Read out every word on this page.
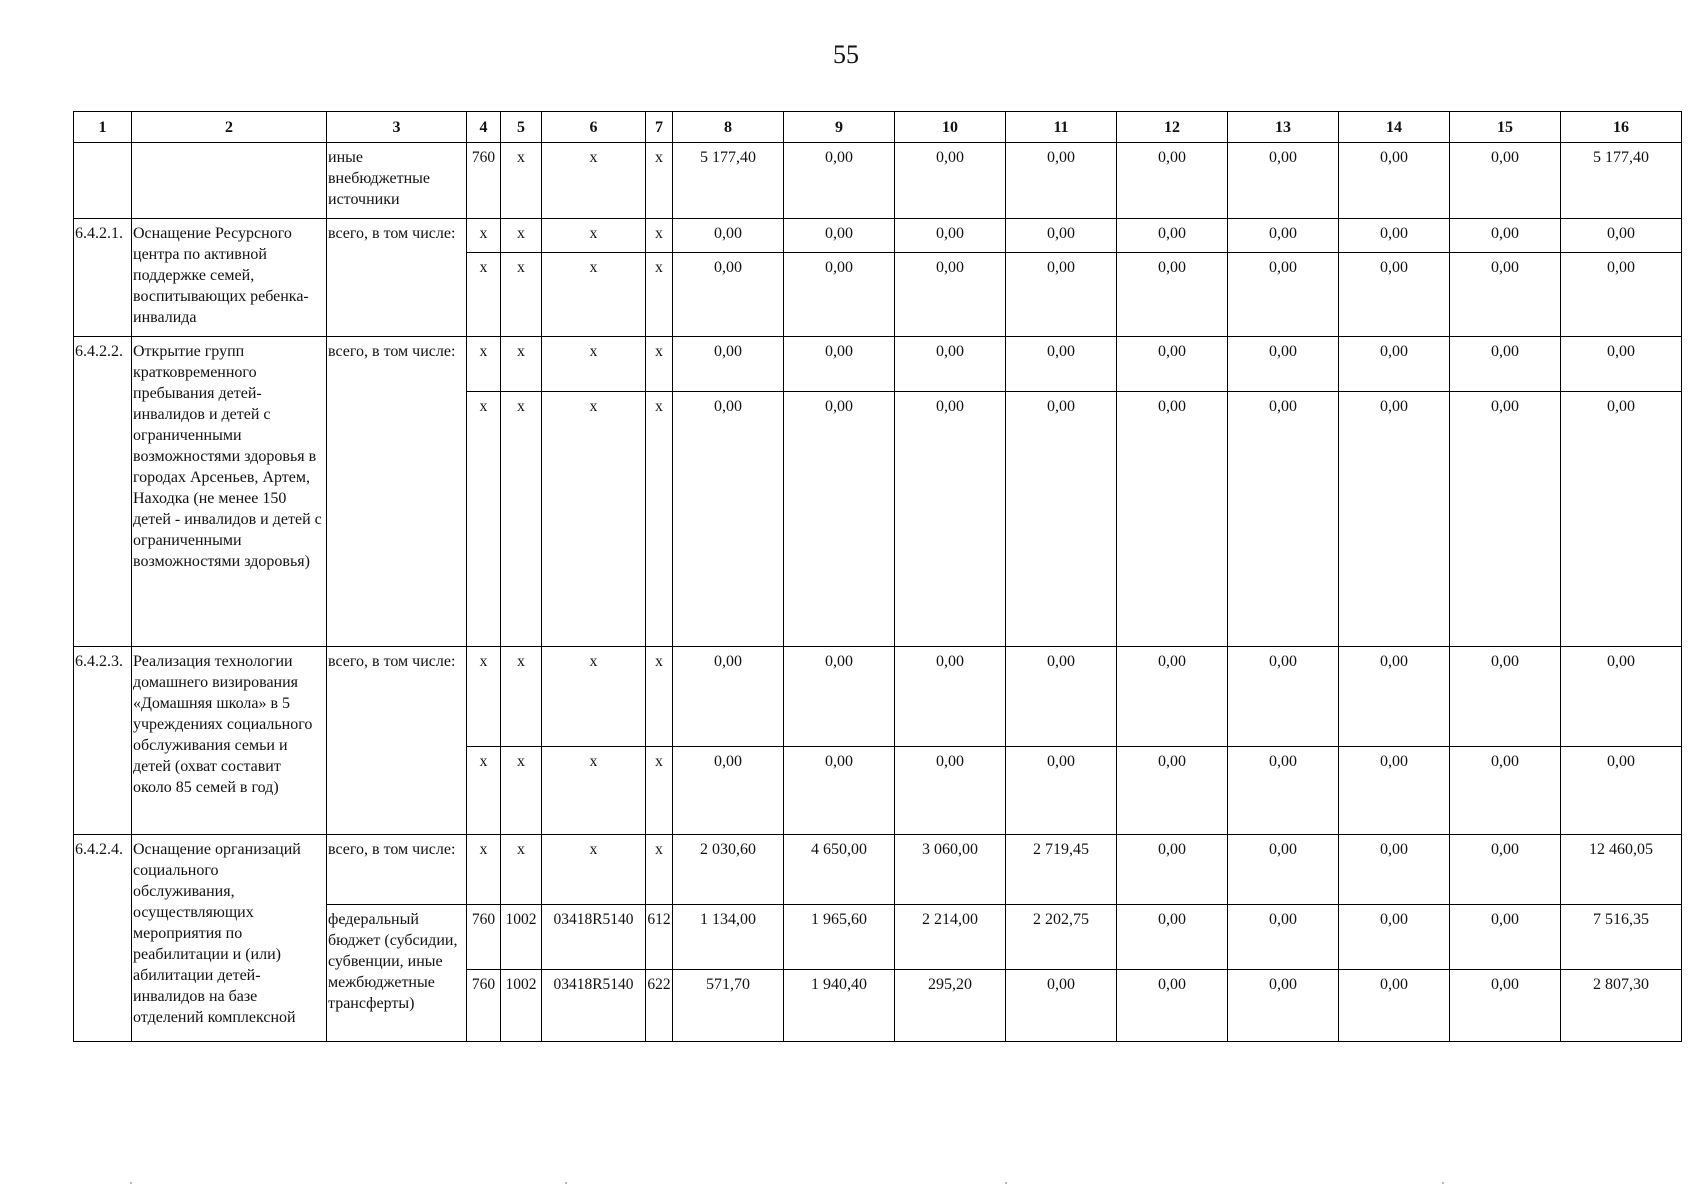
55
1	2	3	4	5	6	7	8	9	10	11	12	13	14	15	16
		иные внебюджетные источники	760	x	x	x	5 177,40	0,00	0,00	0,00	0,00	0,00	0,00	0,00	5 177,40
6.4.2.1.	Оснащение Ресурсного центра по активной поддержке семей, воспитывающих ребенка-инвалида	всего, в том числе:	x	x	x	x	0,00	0,00	0,00	0,00	0,00	0,00	0,00	0,00	0,00
			x	x	x	x	0,00	0,00	0,00	0,00	0,00	0,00	0,00	0,00	0,00
6.4.2.2.	Открытие групп кратковременного пребывания детей-инвалидов и детей с ограниченными возможностями здоровья в городах Арсеньев, Артем, Находка (не менее 150 детей - инвалидов и детей с ограниченными возможностями здоровья)	всего, в том числе:	x	x	x	x	0,00	0,00	0,00	0,00	0,00	0,00	0,00	0,00	0,00
			x	x	x	x	0,00	0,00	0,00	0,00	0,00	0,00	0,00	0,00	0,00
6.4.2.3.	Реализация технологии домашнего визирования «Домашняя школа» в 5 учреждениях социального обслуживания семьи и детей (охват составит около 85 семей в год)	всего, в том числе:	x	x	x	x	0,00	0,00	0,00	0,00	0,00	0,00	0,00	0,00	0,00
			x	x	x	x	0,00	0,00	0,00	0,00	0,00	0,00	0,00	0,00	0,00
6.4.2.4.	Оснащение организаций социального обслуживания, осуществляющих мероприятия по реабилитации и (или) абилитации детей-инвалидов на базе отделений комплексной	всего, в том числе:	x	x	x	x	2 030,60	4 650,00	3 060,00	2 719,45	0,00	0,00	0,00	0,00	12 460,05
		федеральный бюджет (субсидии, субвенции, иные межбюджетные трансферты)	760	1002	03418R5140	612	1 134,00	1 965,60	2 214,00	2 202,75	0,00	0,00	0,00	0,00	7 516,35
			760	1002	03418R5140	622	571,70	1 940,40	295,20	0,00	0,00	0,00	0,00	0,00	2 807,30
